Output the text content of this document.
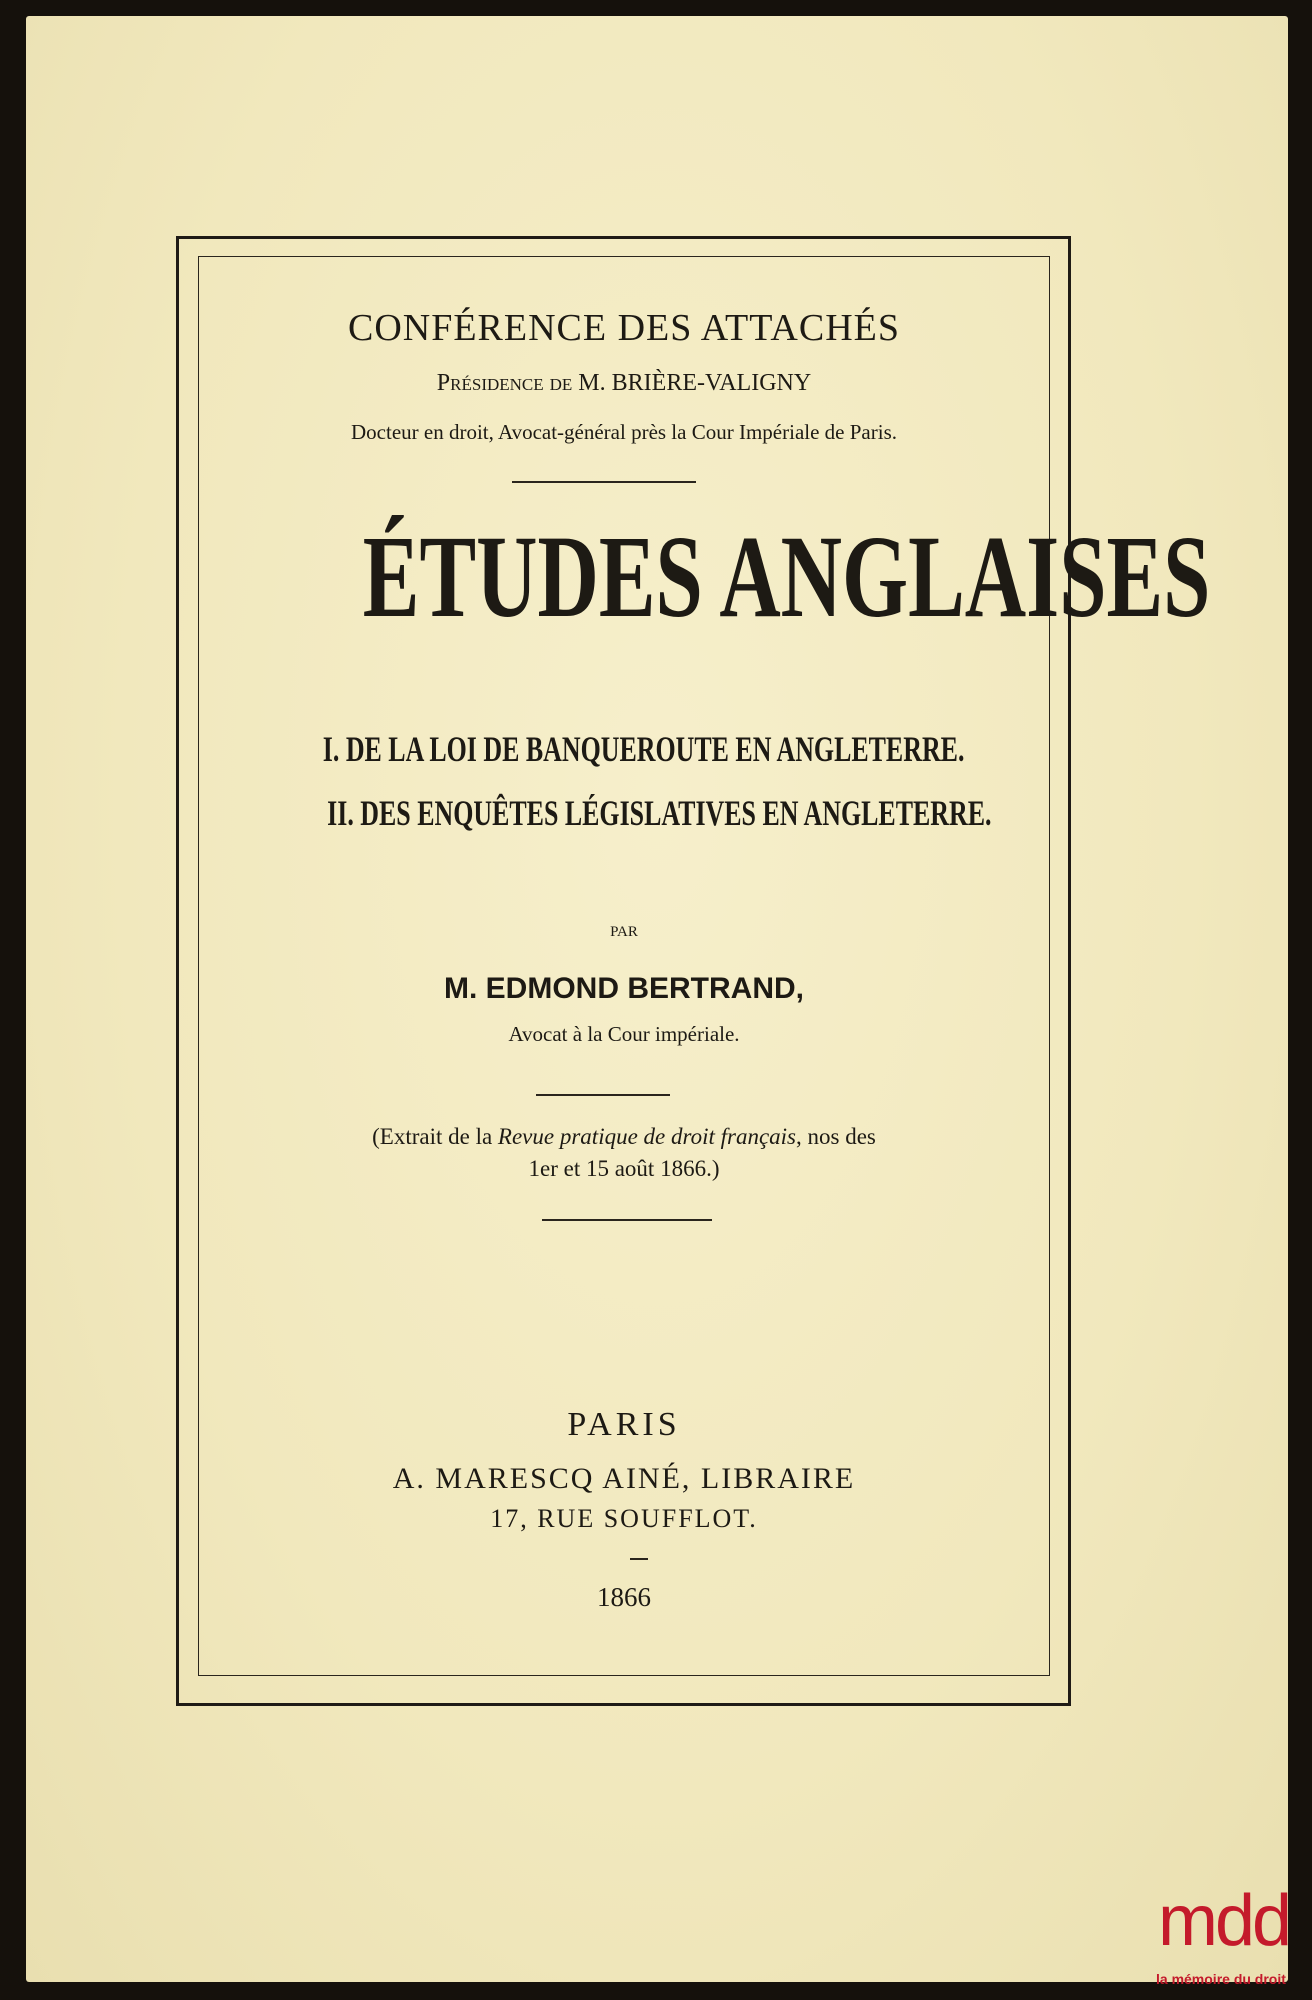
CONFÉRENCE DES ATTACHÉS
Présidence de M. BRIÈRE-VALIGNY
Docteur en droit, Avocat-général près la Cour Impériale de Paris.
ÉTUDES ANGLAISES
I. DE LA LOI DE BANQUEROUTE EN ANGLETERRE.
II. DES ENQUÊTES LÉGISLATIVES EN ANGLETERRE.
PAR
M. EDMOND BERTRAND,
Avocat à la Cour impériale.
(Extrait de la Revue pratique de droit français, nos des
1er et 15 août 1866.)
PARIS
A. MARESCQ AINÉ, LIBRAIRE
17, RUE SOUFFLOT.
1866
mdd
la mémoire du droit
